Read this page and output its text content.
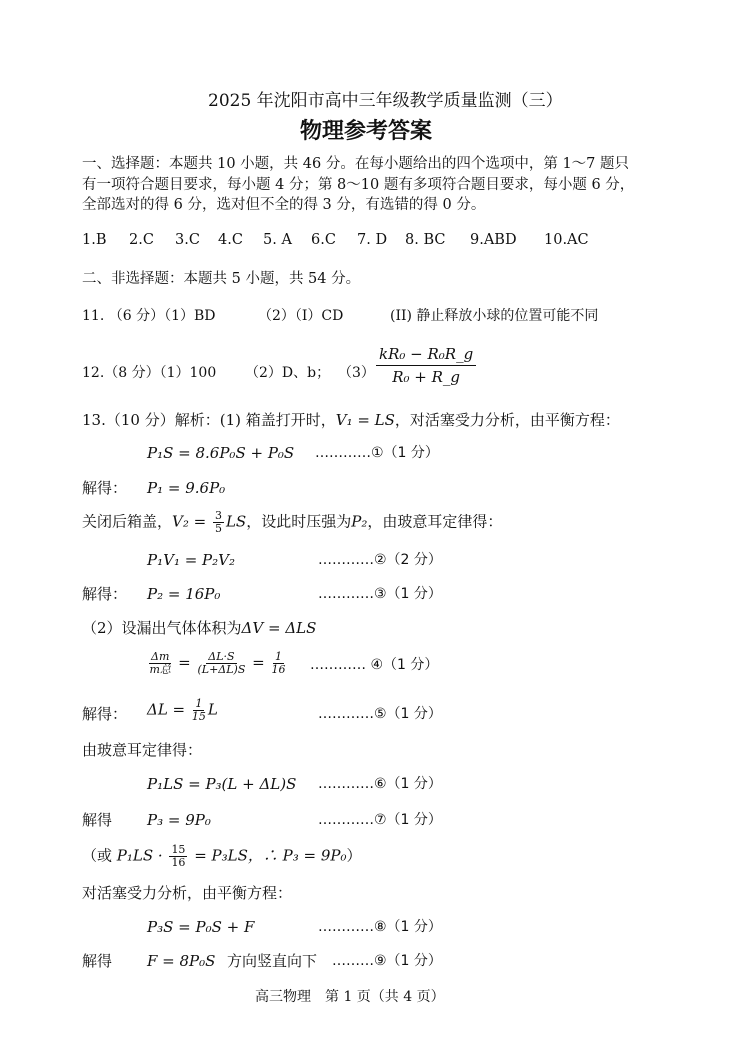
2025 年沈阳市高中三年级教学质量监测（三）
物理参考答案
一、选择题：本题共 10 小题，共 46 分。在每小题给出的四个选项中，第 1～7 题只
有一项符合题目要求，每小题 4 分；第 8～10 题有多项符合题目要求，每小题 6 分，
全部选对的得 6 分，选对但不全的得 3 分，有选错的得 0 分。
1.B 2.C 3.C 4.C 5. A 6.C 7. D 8. BC 9.ABD 10.AC
二、非选择题：本题共 5 小题，共 54 分。
11. （6 分）（1）BD	（2）（I）CD	(II) 静止释放小球的位置可能不同
12.（8 分）（1）100 （2）D、b； $(3) \frac{\text{kR₀ − R₀R\_g}}{\text{R₀ + R\_g}}$
13.（10 分）解析：(1) 箱盖打开时，V₁ = LS，对活塞受力分析，由平衡方程：
P₁S = 8.6P₀S + P₀S …………①（1 分）
解得： P₁ = 9.6P₀
关闭后箱盖，$V_2 = \frac{3}{5}$ LS，设此时压强为P₂，由玻意耳定律得：
P₁V₁ = P₂V₂	…………②（2 分）
解得： P₂ = 16P₀	…………③（1 分）
（2）设漏出气体体积为ΔV = ΔLS
$\frac{\Delta m}{\text{m总}} = \frac{\Delta L\cdot S}{(L+\Delta L)S} = \frac{1}{16}$ ………… ④（1 分）
解得： $\Delta L = \frac{1}{15}$ L	…………⑤（1 分）
由玻意耳定律得：
P₁LS = P₃(L + ΔL)S …………⑥（1 分）
解得 P₃ = 9P₀	…………⑦（1 分）
（或 $P_1LS \cdot \frac{15}{16} = P_3LS$，∴ P₃ = 9P₀）
对活塞受力分析，由平衡方程：
P₃S = P₀S + F	…………⑧（1 分）
解得 F = 8P₀S 方向竖直向下 ………⑨（1 分）
高三物理　第 1 页（共 4 页）
